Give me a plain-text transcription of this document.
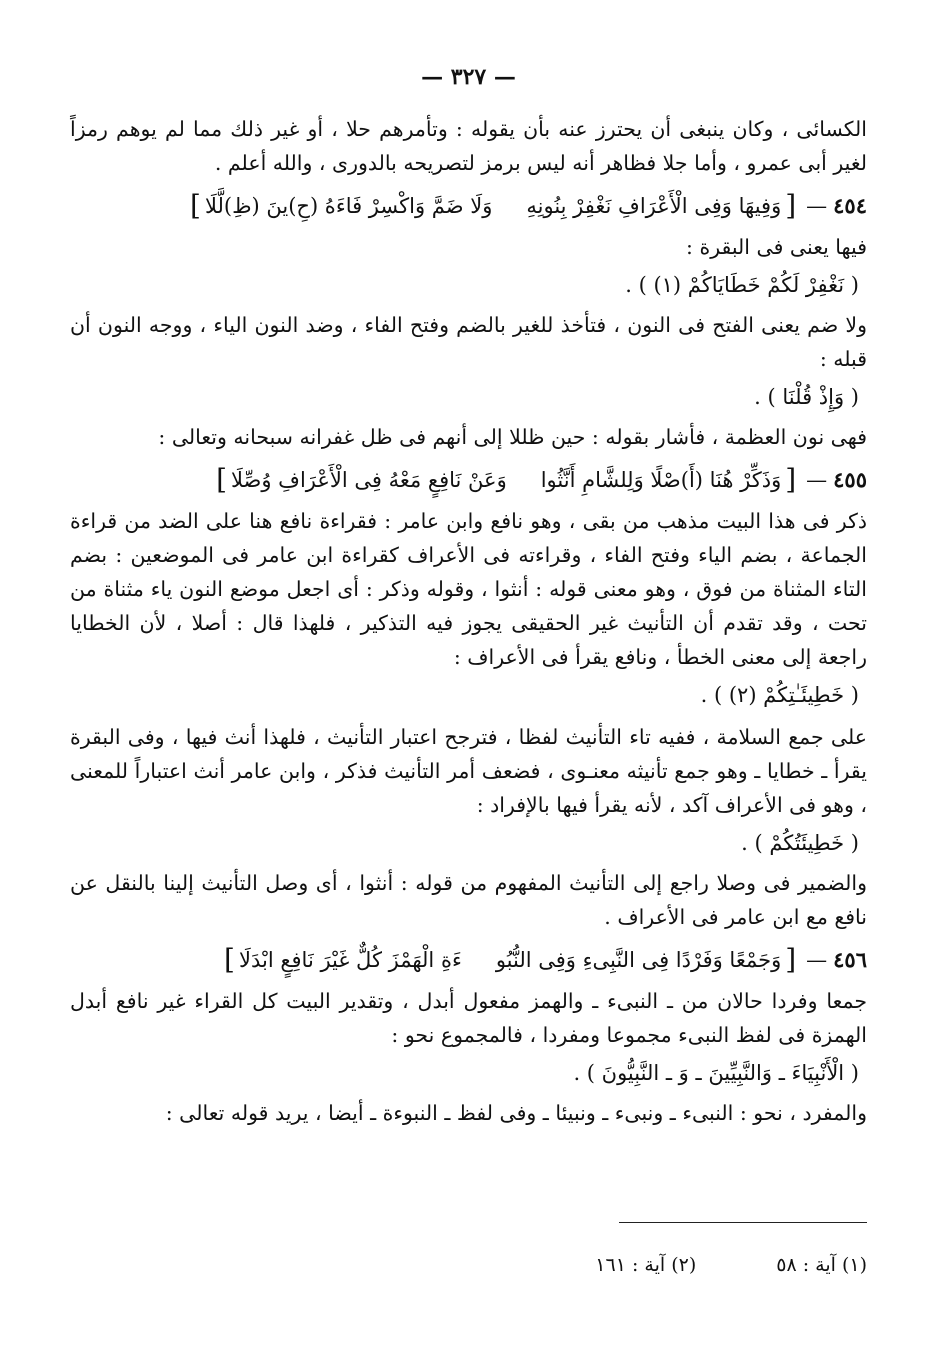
— ٣٢٧ —

الكسائى ، وكان ينبغى أن يحترز عنه بأن يقوله : وتأمرهم حلا ، أو غير ذلك مما لم يوهم رمزاً لغير أبى عمرو ، وأما جلا فظاهر أنه ليس برمز لتصريحه بالدورى ، والله أعلم .

٤٥٤
—
[
وَفِيهَا وَفِى الْأَعْرَافِ نَغْفِرْ بِنُونِهِ
وَلَا ضَمَّ وَاكْسِرْ فَاءَهُ (حِ)ينَ (ظِ)لَّلَا
]

فيها يعنى فى البقرة :

( نَغْفِرْ لَكُمْ خَطَايَاكُمْ (١) ) .

ولا ضم يعنى الفتح فى النون ، فتأخذ للغير بالضم وفتح الفاء ، وضد النون الياء ، ووجه النون أن قبله :

( وَإِذْ قُلْنَا ) .

فهى نون العظمة ، فأشار بقوله : حين ظللا إلى أنهم فى ظل غفرانه سبحانه وتعالى :

٤٥٥
—
[
وَذَكِّرْ هُنَا (أَ)صْلًا وَلِلشَّامِ أَنَّثُوا
وَعَنْ نَافِعٍ مَعْهُ فِى الْأَعْرَافِ وُصِّلَا
]

ذكر فى هذا البيت مذهب من بقى ، وهو نافع وابن عامر : فقراءة نافع هنا على الضد من قراءة الجماعة ، بضم الياء وفتح الفاء ، وقراءته فى الأعراف كقراءة ابن عامر فى الموضعين : بضم التاء المثناة من فوق ، وهو معنى قوله : أنثوا ، وقوله وذكر : أى اجعل موضع النون ياء مثناة من تحت ، وقد تقدم أن التأنيث غير الحقيقى يجوز فيه التذكير ، فلهذا قال : أصلا ، لأن الخطايا راجعة إلى معنى الخطأ ، ونافع يقرأ فى الأعراف :

( خَطِيئَـٰتِكُمْ (٢) ) .

على جمع السلامة ، ففيه تاء التأنيث لفظا ، فترجح اعتبار التأنيث ، فلهذا أنث فيها ، وفى البقرة يقرأ ـ خطايا ـ وهو جمع تأنيثه معنـوى ، فضعف أمر التأنيث فذكر ، وابن عامر أنث اعتباراً للمعنى ، وهو فى الأعراف آكد ، لأنه يقرأ فيها بالإفراد :

( خَطِيئَتُكُمْ ) .

والضمير فى وصلا راجع إلى التأنيث المفهوم من قوله : أنثوا ، أى وصل التأنيث إلينا بالنقل عن نافع مع ابن عامر فى الأعراف .

٤٥٦
—
[
وَجَمْعًا وَفَرْدًا فِى النَّبِىءِ وَفِى النُّبُو
ءَةِ الْهَمْزَ كُلٌّ غَيْرَ نَافِعٍ ابْدَلَا
]

جمعا وفردا حالان من ـ النبىء ـ والهمز مفعول أبدل ، وتقدير البيت كل القراء غير نافع أبدل الهمزة فى لفظ النبىء مجموعا ومفردا ، فالمجموع نحو :

( الْأَنْبِيَاءَ ـ وَالنَّبِيِّينَ ـ وَ ـ النَّبِيُّونَ ) .

والمفرد ، نحو : النبىء ـ ونبىء ـ ونبيئا ـ وفى لفظ ـ النبوءة ـ أيضا ، يريد قوله تعالى :

(١) آية : ٥٨
(٢) آية : ١٦١
